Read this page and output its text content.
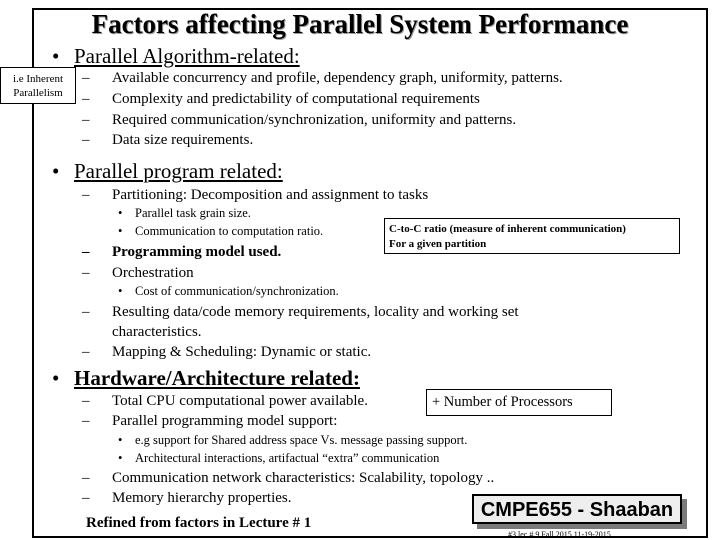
Factors affecting Parallel System Performance
i.e Inherent
Parallelism
• Parallel Algorithm-related:
– Available concurrency and profile, dependency graph, uniformity, patterns.
– Complexity and predictability of computational requirements
– Required communication/synchronization, uniformity and patterns.
– Data size requirements.
• Parallel program related:
– Partitioning: Decomposition and assignment to tasks
• Parallel task grain size.
• Communication to computation ratio.	C-to-C ratio (measure of inherent communication)
For a given partition
– Programming model used.
– Orchestration
• Cost of communication/synchronization.
– Resulting data/code memory requirements, locality and working set
characteristics.
– Mapping & Scheduling: Dynamic or static.
• Hardware/Architecture related:
– Total CPU computational power available.	+ Number of Processors
– Parallel programming model support:
• e.g support for Shared address space Vs. message passing support.
• Architectural interactions, artifactual “extra” communication
– Communication network characteristics: Scalability, topology ..
– Memory hierarchy properties.
Refined from factors in Lecture # 1
CMPE655 - Shaaban
#3 lec # 9 Fall 2015 11-19-2015
